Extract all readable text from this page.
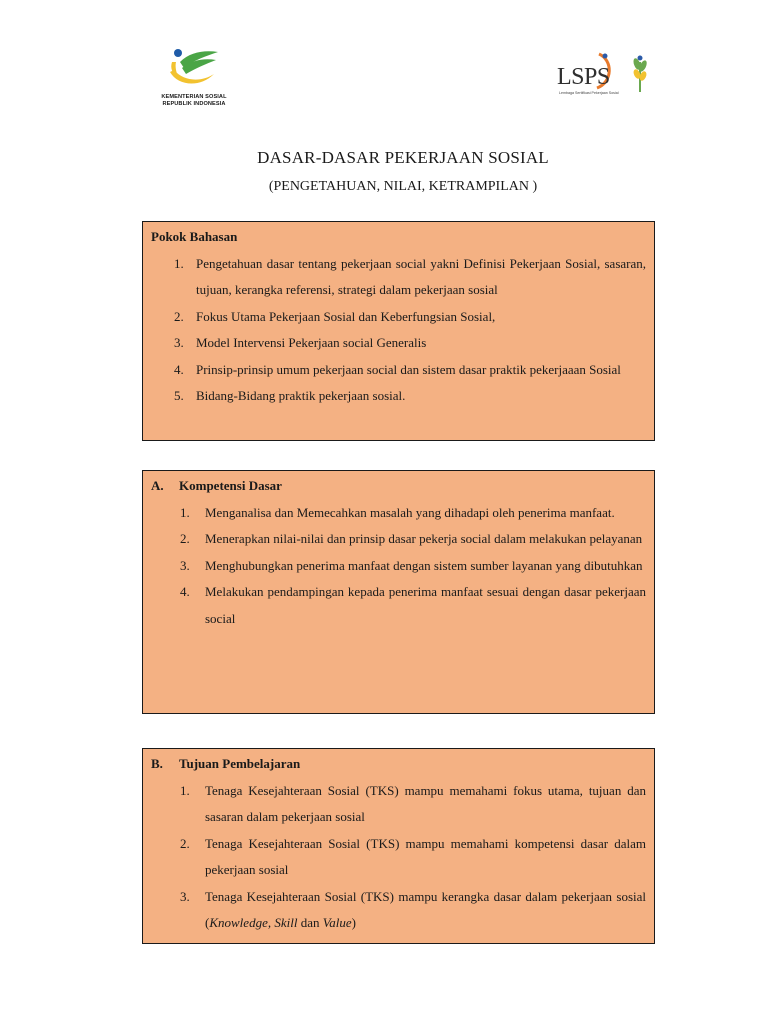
KEMENTERIAN SOSIAL
REPUBLIK INDONESIA
LSPS
Lembaga Sertifikasi Pekerjaan Sosial
DASAR-DASAR PEKERJAAN SOSIAL
(PENGETAHUAN, NILAI, KETRAMPILAN )
Pokok Bahasan
1. Pengetahuan dasar tentang pekerjaan social yakni Definisi Pekerjaan Sosial, sasaran, tujuan, kerangka referensi, strategi dalam pekerjaan sosial
2. Fokus Utama Pekerjaan Sosial dan Keberfungsian Sosial,
3. Model Intervensi Pekerjaan social Generalis
4. Prinsip-prinsip umum pekerjaan social dan sistem dasar praktik pekerjaaan Sosial
5. Bidang-Bidang praktik pekerjaan sosial.
A. Kompetensi Dasar
1. Menganalisa dan Memecahkan masalah yang dihadapi oleh penerima manfaat.
2. Menerapkan nilai-nilai dan prinsip dasar pekerja social dalam melakukan pelayanan
3. Menghubungkan penerima manfaat dengan sistem sumber layanan yang dibutuhkan
4. Melakukan pendampingan kepada penerima manfaat sesuai dengan dasar pekerjaan social
B. Tujuan Pembelajaran
1. Tenaga Kesejahteraan Sosial (TKS) mampu memahami fokus utama, tujuan dan sasaran dalam pekerjaan sosial
2. Tenaga Kesejahteraan Sosial (TKS) mampu memahami kompetensi dasar dalam pekerjaan sosial
3. Tenaga Kesejahteraan Sosial (TKS) mampu kerangka dasar dalam pekerjaan sosial (Knowledge, Skill dan Value)
